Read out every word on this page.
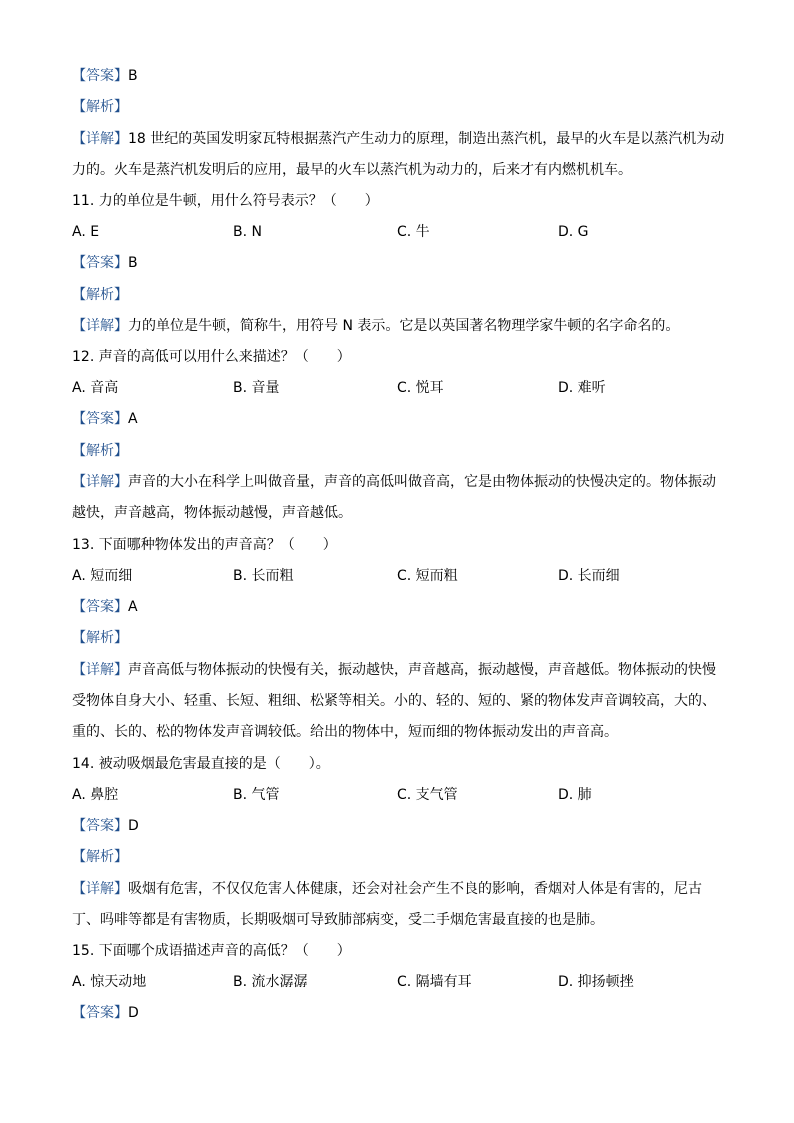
【答案】 B
【解析】
【详解】 18 世纪的英国发明家瓦特根据蒸汽产生动力的原理，制造出蒸汽机，最早的火车是以蒸汽机为动
力的。火车是蒸汽机发明后的应用，最早的火车以蒸汽机为动力的，后来才有内燃机机车。
11. 力的单位是牛顿，用什么符号表示？（　　）
A. E	B. N	C. 牛	D. G
【答案】 B
【解析】
【详解】 力的单位是牛顿，简称牛，用符号 N 表示。它是以英国著名物理学家牛顿的名字命名的。
12. 声音的高低可以用什么来描述？（　　）
A. 音高	B. 音量	C. 悦耳	D. 难听
【答案】 A
【解析】
【详解】 声音的大小在科学上叫做音量，声音的高低叫做音高，它是由物体振动的快慢决定的。物体振动
越快，声音越高，物体振动越慢，声音越低。
13. 下面哪种物体发出的声音高？（　　）
A. 短而细	B. 长而粗	C. 短而粗	D. 长而细
【答案】 A
【解析】
【详解】 声音高低与物体振动的快慢有关，振动越快，声音越高，振动越慢，声音越低。物体振动的快慢
受物体自身大小、轻重、长短、粗细、松紧等相关。小的、轻的、短的、紧的物体发声音调较高，大的、
重的、长的、松的物体发声音调较低。给出的物体中，短而细的物体振动发出的声音高。
14. 被动吸烟最危害最直接的是（　　）。
A. 鼻腔	B. 气管	C. 支气管	D. 肺
【答案】 D
【解析】
【详解】 吸烟有危害，不仅仅危害人体健康，还会对社会产生不良的影响，香烟对人体是有害的，尼古
丁、吗啡等都是有害物质，长期吸烟可导致肺部病变，受二手烟危害最直接的也是肺。
15. 下面哪个成语描述声音的高低？（　　）
A. 惊天动地	B. 流水潺潺	C. 隔墙有耳	D. 抑扬顿挫
【答案】 D
